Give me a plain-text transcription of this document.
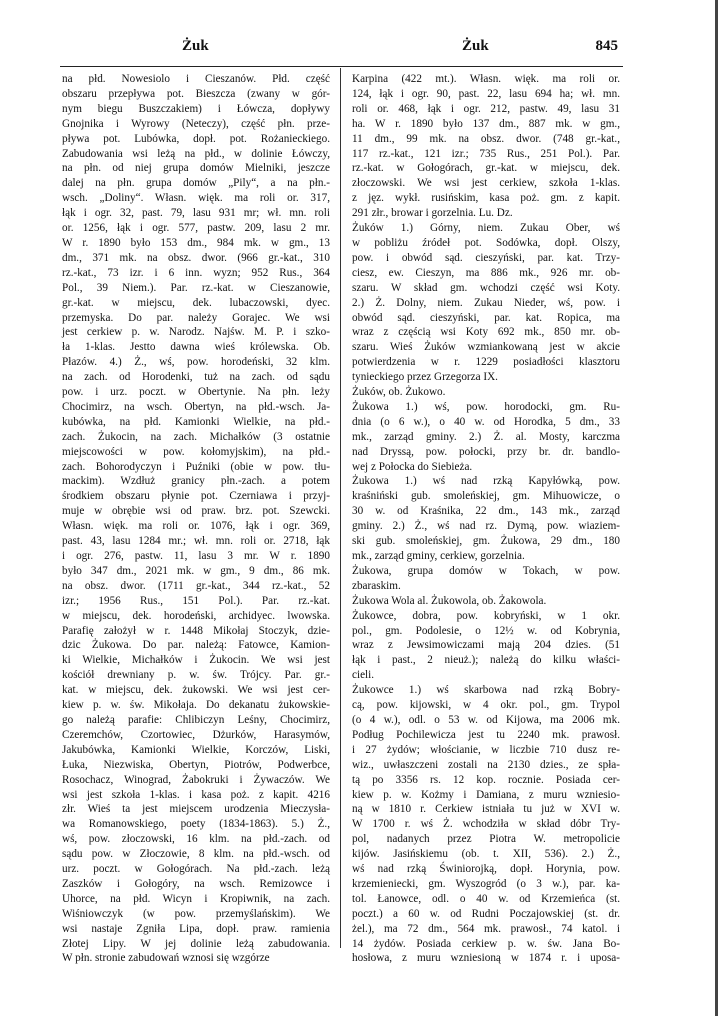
Żuk	Żuk	845
na płd. Nowesiolo i Cieszanów. Płd. część
obszaru przepływa pot. Bieszcza (zwany w gór-
nym biegu Buszczakiem) i Łówcza, dopływy
Gnojnika i Wyrowy (Neteczy), część płn. prze-
pływa pot. Lubówka, dopł. pot. Rożanieckiego.
Zabudowania wsi leżą na płd., w dolinie Łówczy,
na płn. od niej grupa domów Mielniki, jeszcze
dalej na płn. grupa domów „Pily“, a na płn.-
wsch. „Doliny“. Własn. więk. ma roli or. 317,
łąk i ogr. 32, past. 79, lasu 931 mr; wł. mn. roli
or. 1256, łąk i ogr. 577, pastw. 209, lasu 2 mr.
W r. 1890 było 153 dm., 984 mk. w gm., 13
dm., 371 mk. na obsz. dwor. (966 gr.-kat., 310
rz.-kat., 73 izr. i 6 inn. wyzn; 952 Rus., 364
Pol., 39 Niem.). Par. rz.-kat. w Cieszanowie,
gr.-kat. w miejscu, dek. lubaczowski, dyec.
przemyska. Do par. należy Gorajec. We wsi
jest cerkiew p. w. Narodz. Najśw. M. P. i szko-
ła 1-klas. Jestto dawna wieś królewska. Ob.
Płazów. 4.) Ż., wś, pow. horodeński, 32 klm.
na zach. od Horodenki, tuż na zach. od sądu
pow. i urz. poczt. w Obertynie. Na płn. leży
Chocimirz, na wsch. Obertyn, na płd.-wsch. Ja-
kubówka, na płd. Kamionki Wielkie, na płd.-
zach. Żukocin, na zach. Michałków (3 ostatnie
miejscowości w pow. kołomyjskim), na płd.-
zach. Bohorodyczyn i Puźniki (obie w pow. tłu-
mackim). Wzdłuż granicy płn.-zach. a potem
środkiem obszaru płynie pot. Czerniawa i przyj-
muje w obrębie wsi od praw. brz. pot. Szewcki.
Własn. więk. ma roli or. 1076, łąk i ogr. 369,
past. 43, lasu 1284 mr.; wł. mn. roli or. 2718, łąk
i ogr. 276, pastw. 11, lasu 3 mr. W r. 1890
było 347 dm., 2021 mk. w gm., 9 dm., 86 mk.
na obsz. dwor. (1711 gr.-kat., 344 rz.-kat., 52
izr.; 1956 Rus., 151 Pol.). Par. rz.-kat.
w miejscu, dek. horodeński, archidyec. lwowska.
Parafię założył w r. 1448 Mikołaj Stoczyk, dzie-
dzic Żukowa. Do par. należą: Fatowce, Kamion-
ki Wielkie, Michałków i Żukocin. We wsi jest
kościół drewniany p. w. św. Trójcy. Par. gr.-
kat. w miejscu, dek. żukowski. We wsi jest cer-
kiew p. w. św. Mikołaja. Do dekanatu żukowskie-
go należą parafie: Chlibiczyn Leśny, Chocimirz,
Czeremchów, Czortowiec, Dżurków, Harasymów,
Jakubówka, Kamionki Wielkie, Korczów, Liski,
Łuka, Niezwiska, Obertyn, Piotrów, Podwerbce,
Rosochacz, Winograd, Żabokruki i Żywaczów. We
wsi jest szkoła 1-klas. i kasa poż. z kapit. 4216
złr. Wieś ta jest miejscem urodzenia Mieczysła-
wa Romanowskiego, poety (1834-1863). 5.) Ż.,
wś, pow. złoczowski, 16 klm. na płd.-zach. od
sądu pow. w Złoczowie, 8 klm. na płd.-wsch. od
urz. poczt. w Gołogórach. Na płd.-zach. leżą
Zaszków i Gołogóry, na wsch. Remizowce i
Uhorce, na płd. Wicyn i Kropiwnik, na zach.
Wiśniowczyk (w pow. przemyślańskim). We
wsi nastaje Zgniła Lipa, dopł. praw. ramienia
Złotej Lipy. W jej dolinie leżą zabudowania.
W płn. stronie zabudowań wznosi się wzgórze
Karpina (422 mt.). Własn. więk. ma roli or.
124, łąk i ogr. 90, past. 22, lasu 694 ha; wł. mn.
roli or. 468, łąk i ogr. 212, pastw. 49, lasu 31
ha. W r. 1890 było 137 dm., 887 mk. w gm.,
11 dm., 99 mk. na obsz. dwor. (748 gr.-kat.,
117 rz.-kat., 121 izr.; 735 Rus., 251 Pol.). Par.
rz.-kat. w Gołogórach, gr.-kat. w miejscu, dek.
złoczowski. We wsi jest cerkiew, szkoła 1-klas.
z jęz. wykł. rusińskim, kasa poż. gm. z kapit.
291 złr., browar i gorzelnia. Lu. Dz.
Żuków 1.) Górny, niem. Zukau Ober, wś
w pobliżu źródeł pot. Sodówka, dopł. Olszy,
pow. i obwód sąd. cieszyński, par. kat. Trzy-
ciesz, ew. Cieszyn, ma 886 mk., 926 mr. ob-
szaru. W skład gm. wchodzi część wsi Koty.
2.) Ż. Dolny, niem. Zukau Nieder, wś, pow. i
obwód sąd. cieszyński, par. kat. Ropica, ma
wraz z częścią wsi Koty 692 mk., 850 mr. ob-
szaru. Wieś Żuków wzmiankowaną jest w akcie
potwierdzenia w r. 1229 posiadłości klasztoru
tynieckiego przez Grzegorza IX.
Żuków, ob. Żukowo.
Żukowa 1.) wś, pow. horodocki, gm. Ru-
dnia (o 6 w.), o 40 w. od Horodka, 5 dm., 33
mk., zarząd gminy. 2.) Ż. al. Mosty, karczma
nad Dryssą, pow. połocki, przy br. dr. bandlo-
wej z Połocka do Siebieża.
Żukowa 1.) wś nad rzką Kapyłówką, pow.
kraśniński gub. smoleńskiej, gm. Mihuowicze, o
30 w. od Kraśnika, 22 dm., 143 mk., zarząd
gminy. 2.) Ż., wś nad rz. Dymą, pow. wiaziem-
ski gub. smoleńskiej, gm. Żukowa, 29 dm., 180
mk., zarząd gminy, cerkiew, gorzelnia.
Żukowa, grupa domów w Tokach, w pow.
zbaraskim.
Żukowa Wola al. Żukowola, ob. Żakowola.
Żukowce, dobra, pow. kobryński, w 1 okr.
pol., gm. Podolesie, o 12½ w. od Kobrynia,
wraz z Jewsimowiczami mają 204 dzies. (51
łąk i past., 2 nieuż.); należą do kilku właści-
cieli.
Żukowce 1.) wś skarbowa nad rzką Bobry-
cą, pow. kijowski, w 4 okr. pol., gm. Trypol
(o 4 w.), odl. o 53 w. od Kijowa, ma 2006 mk.
Podług Pochilewicza jest tu 2240 mk. prawosł.
i 27 żydów; włościanie, w liczbie 710 dusz re-
wiz., uwłaszczeni zostali na 2130 dzies., ze spła-
tą po 3356 rs. 12 kop. rocznie. Posiada cer-
kiew p. w. Kożmy i Damiana, z muru wzniesio-
ną w 1810 r. Cerkiew istniała tu już w XVI w.
W 1700 r. wś Ż. wchodziła w skład dóbr Try-
pol, nadanych przez Piotra W. metropolicie
kijów. Jasińskiemu (ob. t. XII, 536). 2.) Ż.,
wś nad rzką Świniorojką, dopł. Horynia, pow.
krzemieniecki, gm. Wyszogród (o 3 w.), par. ka-
tol. Łanowce, odl. o 40 w. od Krzemieńca (st.
poczt.) a 60 w. od Rudni Poczajowskiej (st. dr.
żel.), ma 72 dm., 564 mk. prawosł., 74 katol. i
14 żydów. Posiada cerkiew p. w. św. Jana Bo-
hosłowa, z muru wzniesioną w 1874 r. i uposa-
